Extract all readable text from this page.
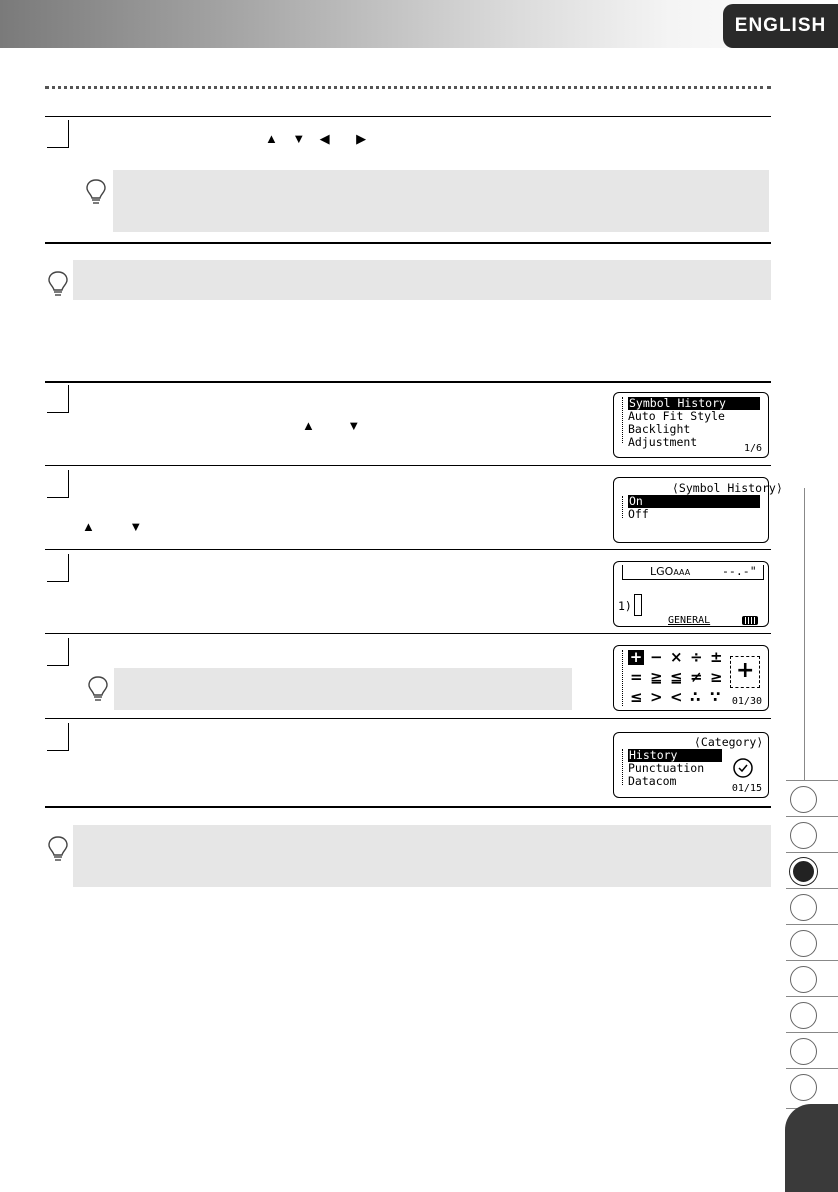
ENGLISH
▲ ▼ ◀ ▶
▲ ▼
Symbol History
Auto Fit Style
Backlight
Adjustment	1/6
▲	▼
⟨Symbol History⟩
On
Off
LGOAAA	--.-"
1)
GENERAL
+ − × ÷ ±
= ≧ ≦ ≠ ≥
≤ > < ∴ ∵
+
01/30
⟨Category⟩
History
Punctuation
Datacom
01/15
